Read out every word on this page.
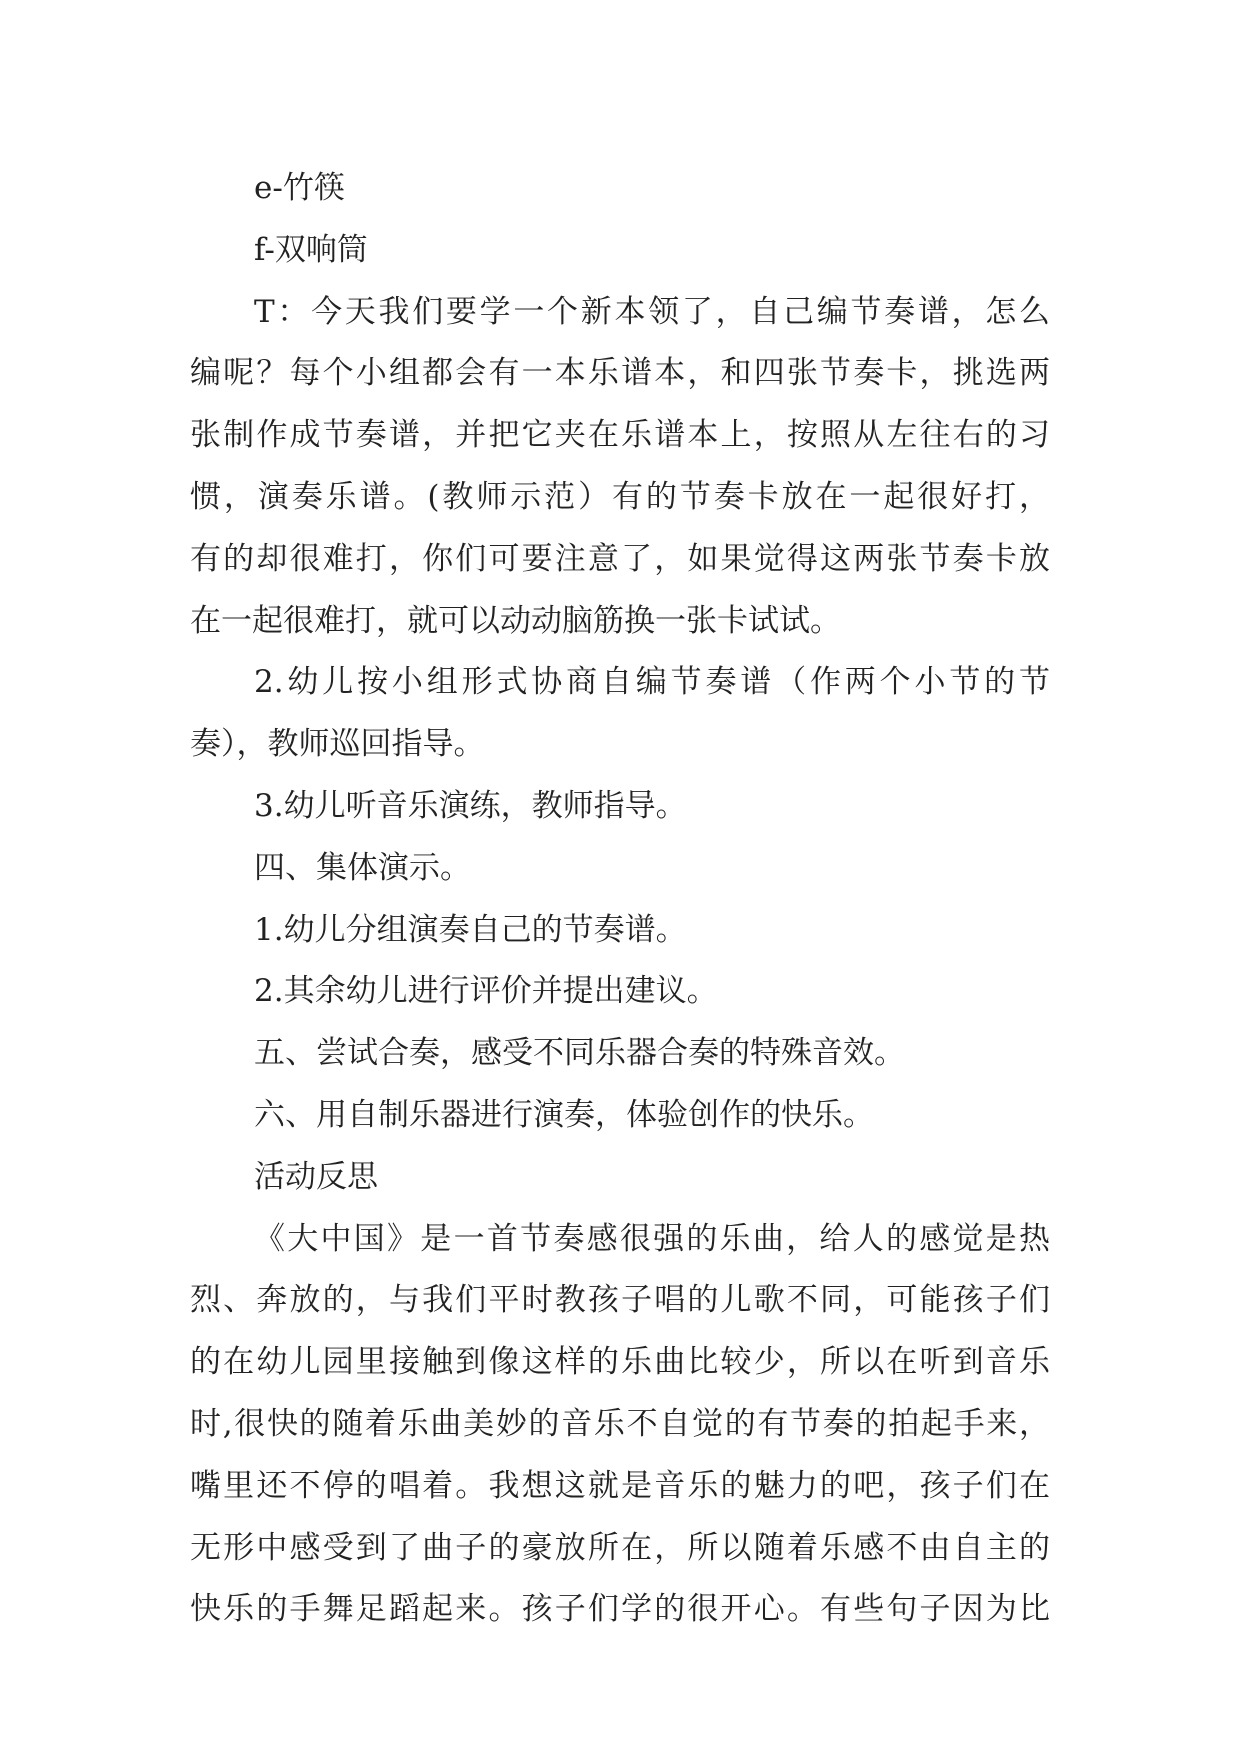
e-竹筷
f-双响筒
T：今天我们要学一个新本领了，自己编节奏谱，怎么
编呢？每个小组都会有一本乐谱本，和四张节奏卡，挑选两
张制作成节奏谱，并把它夹在乐谱本上，按照从左往右的习
惯，演奏乐谱。(教师示范）有的节奏卡放在一起很好打，
有的却很难打，你们可要注意了，如果觉得这两张节奏卡放
在一起很难打，就可以动动脑筋换一张卡试试。
2.幼儿按小组形式协商自编节奏谱（作两个小节的节
奏），教师巡回指导。
3.幼儿听音乐演练，教师指导。
四、集体演示。
1.幼儿分组演奏自己的节奏谱。
2.其余幼儿进行评价并提出建议。
五、尝试合奏，感受不同乐器合奏的特殊音效。
六、用自制乐器进行演奏，体验创作的快乐。
活动反思
《大中国》是一首节奏感很强的乐曲，给人的感觉是热
烈、奔放的，与我们平时教孩子唱的儿歌不同，可能孩子们
的在幼儿园里接触到像这样的乐曲比较少，所以在听到音乐
时,很快的随着乐曲美妙的音乐不自觉的有节奏的拍起手来，
嘴里还不停的唱着。我想这就是音乐的魅力的吧，孩子们在
无形中感受到了曲子的豪放所在，所以随着乐感不由自主的
快乐的手舞足蹈起来。孩子们学的很开心。有些句子因为比
